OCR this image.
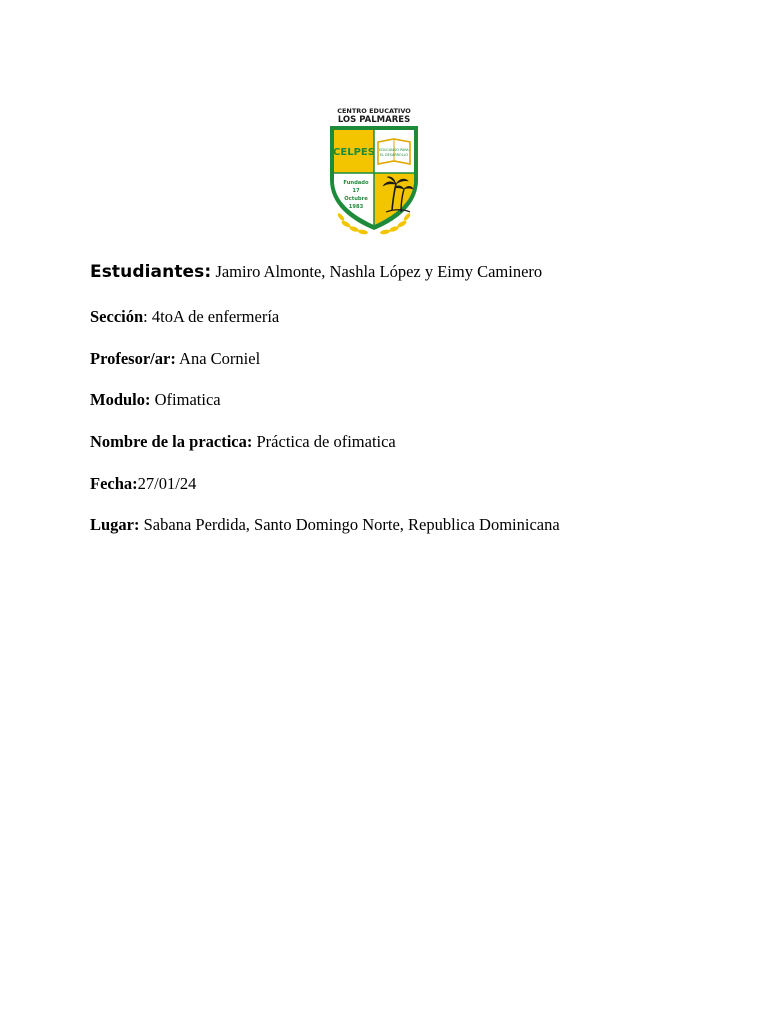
CENTRO EDUCATIVO
LOS PALMARES
CELPES EDUCANDO PARA
EL DESARROLLO
Fundado
17
Octubre
1983
Estudiantes: Jamiro Almonte, Nashla López y Eimy Caminero
Sección: 4toA de enfermería
Profesor/ar: Ana Corniel
Modulo: Ofimatica
Nombre de la practica: Práctica de ofimatica
Fecha:27/01/24
Lugar: Sabana Perdida, Santo Domingo Norte, Republica Dominicana
